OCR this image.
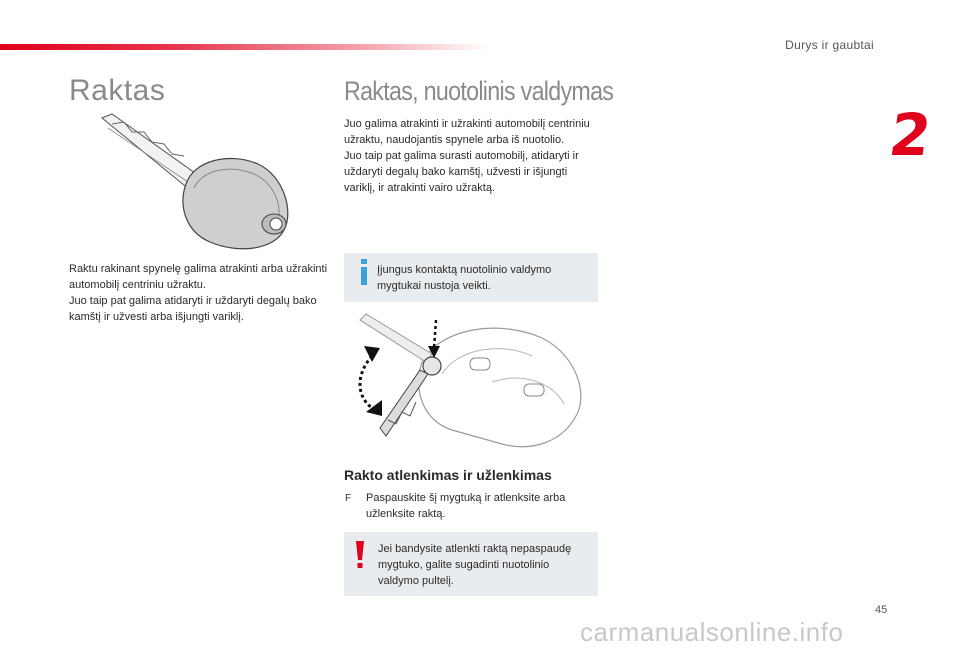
Durys ir gaubtai
2
Raktas

Raktu rakinant spynelę galima atrakinti arba užrakinti automobilį centriniu užraktu.

Juo taip pat galima atidaryti ir uždaryti degalų bako kamštį ir užvesti arba išjungti variklį.

Raktas, nuotolinis valdymas

Juo galima atrakinti ir užrakinti automobilį centriniu užraktu, naudojantis spynele arba iš nuotolio.

Juo taip pat galima surasti automobilį, atidaryti ir uždaryti degalų bako kamštį, užvesti ir išjungti variklį, ir atrakinti vairo užraktą.

Įjungus kontaktą nuotolinio valdymo mygtukai nustoja veikti.
Rakto atlenkimas ir užlenkimas
F Paspauskite šį mygtuką ir atlenksite arba užlenksite raktą.
Jei bandysite atlenkti raktą nepaspaudę mygtuko, galite sugadinti nuotolinio valdymo pultelį.
45
carmanualsonline.info
